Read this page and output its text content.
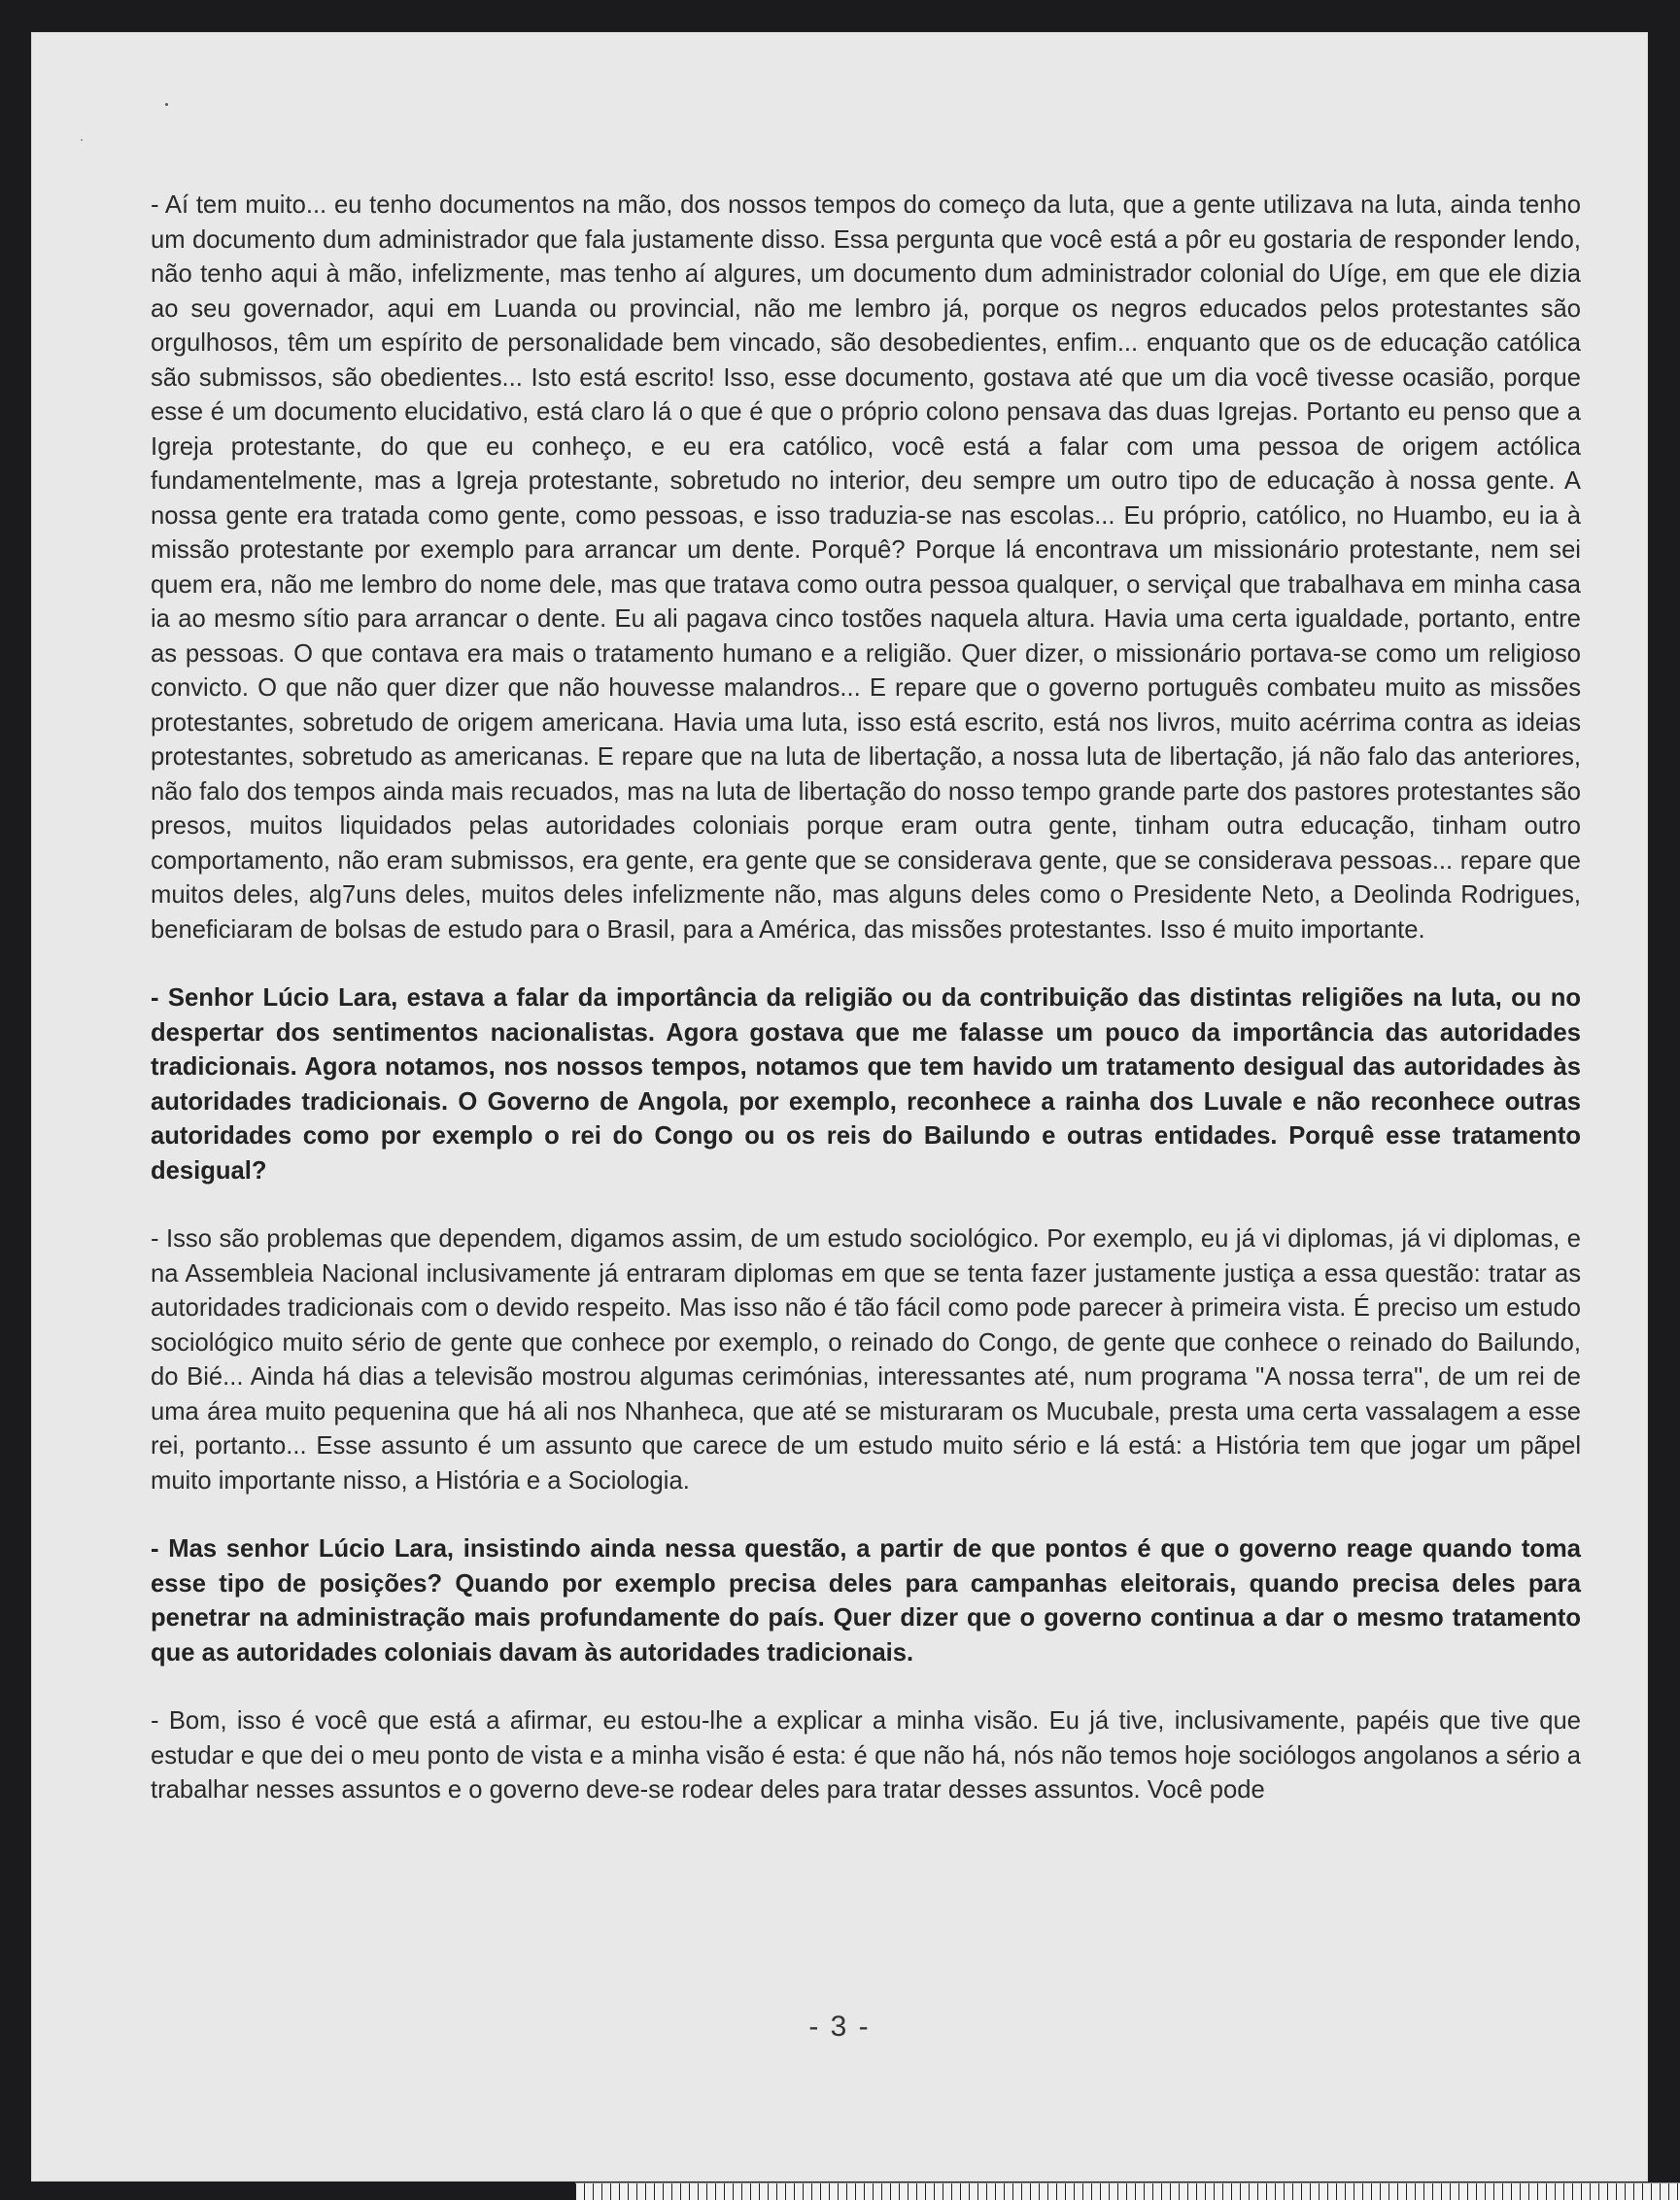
- Aí tem muito... eu tenho documentos na mão, dos nossos tempos do começo da luta, que a gente utilizava na luta, ainda tenho um documento dum administrador que fala justamente disso. Essa pergunta que você está a pôr eu gostaria de responder lendo, não tenho aqui à mão, infelizmente, mas tenho aí algures, um documento dum administrador colonial do Uíge, em que ele dizia ao seu governador, aqui em Luanda ou provincial, não me lembro já, porque os negros educados pelos protestantes são orgulhosos, têm um espírito de personalidade bem vincado, são desobedientes, enfim... enquanto que os de educação católica são submissos, são obedientes... Isto está escrito! Isso, esse documento, gostava até que um dia você tivesse ocasião, porque esse é um documento elucidativo, está claro lá o que é que o próprio colono pensava das duas Igrejas. Portanto eu penso que a Igreja protestante, do que eu conheço, e eu era católico, você está a falar com uma pessoa de origem actólica fundamentelmente, mas a Igreja protestante, sobretudo no interior, deu sempre um outro tipo de educação à nossa gente. A nossa gente era tratada como gente, como pessoas, e isso traduzia-se nas escolas... Eu próprio, católico, no Huambo, eu ia à missão protestante por exemplo para arrancar um dente. Porquê? Porque lá encontrava um missionário protestante, nem sei quem era, não me lembro do nome dele, mas que tratava como outra pessoa qualquer, o serviçal que trabalhava em minha casa ia ao mesmo sítio para arrancar o dente. Eu ali pagava cinco tostões naquela altura. Havia uma certa igualdade, portanto, entre as pessoas. O que contava era mais o tratamento humano e a religião. Quer dizer, o missionário portava-se como um religioso convicto. O que não quer dizer que não houvesse malandros... E repare que o governo português combateu muito as missões protestantes, sobretudo de origem americana. Havia uma luta, isso está escrito, está nos livros, muito acérrima contra as ideias protestantes, sobretudo as americanas. E repare que na luta de libertação, a nossa luta de libertação, já não falo das anteriores, não falo dos tempos ainda mais recuados, mas na luta de libertação do nosso tempo grande parte dos pastores protestantes são presos, muitos liquidados pelas autoridades coloniais porque eram outra gente, tinham outra educação, tinham outro comportamento, não eram submissos, era gente, era gente que se considerava gente, que se considerava pessoas... repare que muitos deles, alg7uns deles, muitos deles infelizmente não, mas alguns deles como o Presidente Neto, a Deolinda Rodrigues, beneficiaram de bolsas de estudo para o Brasil, para a América, das missões protestantes. Isso é muito importante.

- Senhor Lúcio Lara, estava a falar da importância da religião ou da contribuição das distintas religiões na luta, ou no despertar dos sentimentos nacionalistas. Agora gostava que me falasse um pouco da importância das autoridades tradicionais. Agora notamos, nos nossos tempos, notamos que tem havido um tratamento desigual das autoridades às autoridades tradicionais. O Governo de Angola, por exemplo, reconhece a rainha dos Luvale e não reconhece outras autoridades como por exemplo o rei do Congo ou os reis do Bailundo e outras entidades. Porquê esse tratamento desigual?

- Isso são problemas que dependem, digamos assim, de um estudo sociológico. Por exemplo, eu já vi diplomas, já vi diplomas, e na Assembleia Nacional inclusivamente já entraram diplomas em que se tenta fazer justamente justiça a essa questão: tratar as autoridades tradicionais com o devido respeito. Mas isso não é tão fácil como pode parecer à primeira vista. É preciso um estudo sociológico muito sério de gente que conhece por exemplo, o reinado do Congo, de gente que conhece o reinado do Bailundo, do Bié... Ainda há dias a televisão mostrou algumas cerimónias, interessantes até, num programa "A nossa terra", de um rei de uma área muito pequenina que há ali nos Nhanheca, que até se misturaram os Mucubale, presta uma certa vassalagem a esse rei, portanto... Esse assunto é um assunto que carece de um estudo muito sério e lá está: a História tem que jogar um pãpel muito importante nisso, a História e a Sociologia.

- Mas senhor Lúcio Lara, insistindo ainda nessa questão, a partir de que pontos é que o governo reage quando toma esse tipo de posições? Quando por exemplo precisa deles para campanhas eleitorais, quando precisa deles para penetrar na administração mais profundamente do país. Quer dizer que o governo continua a dar o mesmo tratamento que as autoridades coloniais davam às autoridades tradicionais.

- Bom, isso é você que está a afirmar, eu estou-lhe a explicar a minha visão. Eu já tive, inclusivamente, papéis que tive que estudar e que dei o meu ponto de vista e a minha visão é esta: é que não há, nós não temos hoje sociólogos angolanos a sério a trabalhar nesses assuntos e o governo deve-se rodear deles para tratar desses assuntos. Você pode

- 3 -
